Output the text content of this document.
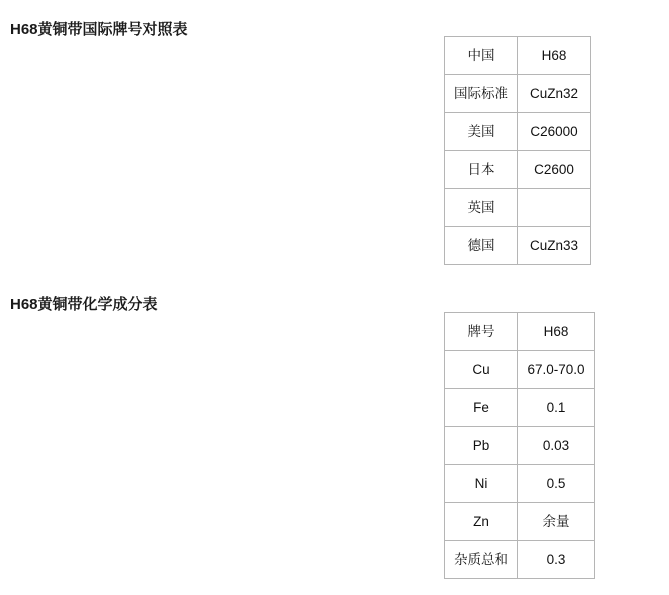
H68黄铜带国际牌号对照表
中国	H68
国际标准	CuZn32
美国	C26000
日本	C2600
英国	
德国	CuZn33
H68黄铜带化学成分表
牌号	H68
Cu	67.0-70.0
Fe	0.1
Pb	0.03
Ni	0.5
Zn	余量
杂质总和	0.3
